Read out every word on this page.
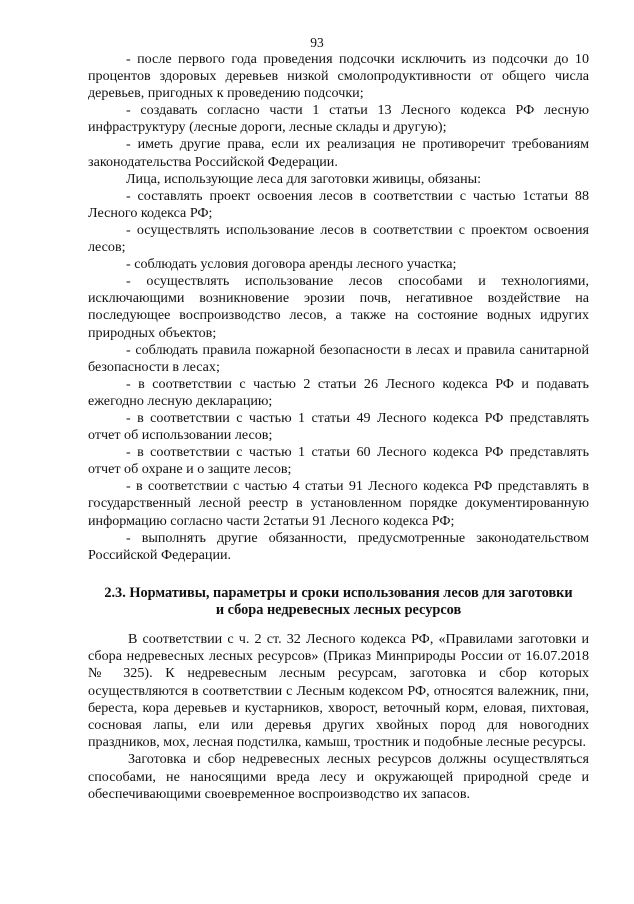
93

- после первого года проведения подсочки исключить из подсочки до 10 процентов здоровых деревьев низкой смолопродуктивности от общего числа деревьев, пригодных к проведению подсочки;

- создавать согласно части 1 статьи 13 Лесного кодекса РФ лесную инфраструктуру (лесные дороги, лесные склады и другую);

- иметь другие права, если их реализация не противоречит требованиям законодательства Российской Федерации.

Лица, использующие леса для заготовки живицы, обязаны:

- составлять проект освоения лесов в соответствии с частью 1статьи 88 Лесного кодекса РФ;

- осуществлять использование лесов в соответствии с проектом освоения лесов;

- соблюдать условия договора аренды лесного участка;

- осуществлять использование лесов способами и технологиями, исключающими возникновение эрозии почв, негативное воздействие на последующее воспроизводство лесов, а также на состояние водных идругих природных объектов;

- соблюдать правила пожарной безопасности в лесах и правила санитарной безопасности в лесах;

- в соответствии с частью 2 статьи 26 Лесного кодекса РФ и подавать ежегодно лесную декларацию;

- в соответствии с частью 1 статьи 49 Лесного кодекса РФ представлять отчет об использовании лесов;

- в соответствии с частью 1 статьи 60 Лесного кодекса РФ представлять отчет об охране и о защите лесов;

- в соответствии с частью 4 статьи 91 Лесного кодекса РФ представлять в государственный лесной реестр в установленном порядке документированную информацию согласно части 2статьи 91 Лесного кодекса РФ;

- выполнять другие обязанности, предусмотренные законодательством Российской Федерации.

2.3. Нормативы, параметры и сроки использования лесов для заготовки
и сбора недревесных лесных ресурсов

В соответствии с ч. 2 ст. 32 Лесного кодекса РФ, «Правилами заготовки и сбора недревесных лесных ресурсов» (Приказ Минприроды России от 16.07.2018 № 325). К недревесным лесным ресурсам, заготовка и сбор которых осуществляются в соответствии с Лесным кодексом РФ, относятся валежник, пни, береста, кора деревьев и кустарников, хворост, веточный корм, еловая, пихтовая, сосновая лапы, ели или деревья других хвойных пород для новогодних праздников, мох, лесная подстилка, камыш, тростник и подобные лесные ресурсы.

Заготовка и сбор недревесных лесных ресурсов должны осуществляться способами, не наносящими вреда лесу и окружающей природной среде и обеспечивающими своевременное воспроизводство их запасов.
